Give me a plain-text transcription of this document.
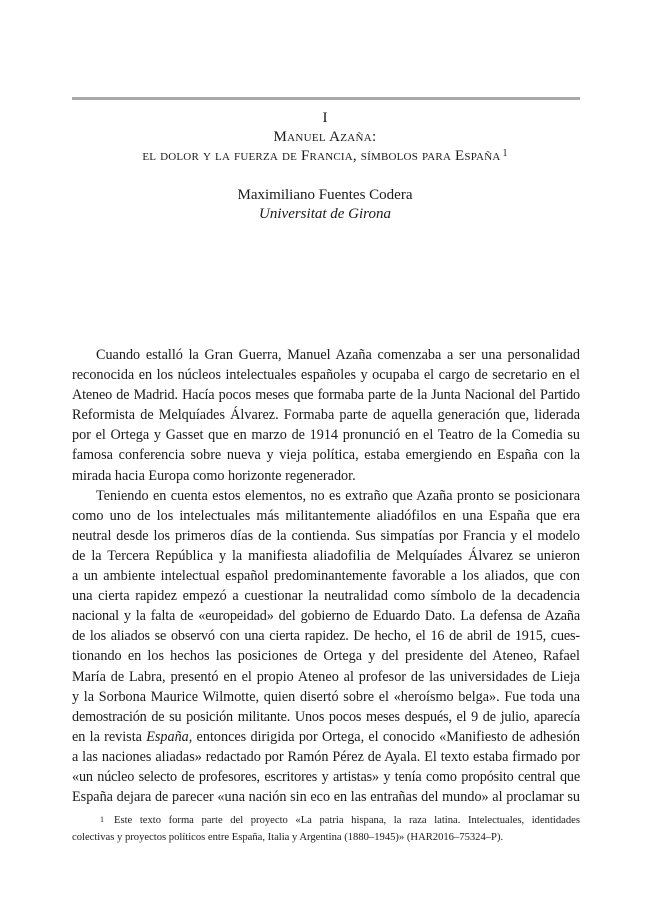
I
Manuel Azaña:
el dolor y la fuerza de Francia, símbolos para España $^1$
Maximiliano Fuentes Codera
Universitat de Girona
Cuando estalló la Gran Guerra, Manuel Azaña comenzaba a ser una personalidad
reconocida en los núcleos intelectuales españoles y ocupaba el cargo de secretario en el
Ateneo de Madrid. Hacía pocos meses que formaba parte de la Junta Nacional del Partido
Reformista de Melquíades Álvarez. Formaba parte de aquella generación que, liderada
por el Ortega y Gasset que en marzo de 1914 pronunció en el Teatro de la Comedia su
famosa conferencia sobre nueva y vieja política, estaba emergiendo en España con la
mirada hacia Europa como horizonte regenerador.
Teniendo en cuenta estos elementos, no es extraño que Azaña pronto se posicionara
como uno de los intelectuales más militantemente aliadófilos en una España que era
neutral desde los primeros días de la contienda. Sus simpatías por Francia y el modelo
de la Tercera República y la manifiesta aliadofilia de Melquíades Álvarez se unieron
a un ambiente intelectual español predominantemente favorable a los aliados, que con
una cierta rapidez empezó a cuestionar la neutralidad como símbolo de la decadencia
nacional y la falta de «europeidad» del gobierno de Eduardo Dato. La defensa de Azaña
de los aliados se observó con una cierta rapidez. De hecho, el 16 de abril de 1915, cues-
tionando en los hechos las posiciones de Ortega y del presidente del Ateneo, Rafael
María de Labra, presentó en el propio Ateneo al profesor de las universidades de Lieja
y la Sorbona Maurice Wilmotte, quien disertó sobre el «heroísmo belga». Fue toda una
demostración de su posición militante. Unos pocos meses después, el 9 de julio, aparecía
en la revista España, entonces dirigida por Ortega, el conocido «Manifiesto de adhesión
a las naciones aliadas» redactado por Ramón Pérez de Ayala. El texto estaba firmado por
«un núcleo selecto de profesores, escritores y artistas» y tenía como propósito central que
España dejara de parecer «una nación sin eco en las entrañas del mundo» al proclamar su
$^1$ Este texto forma parte del proyecto «La patria hispana, la raza latina. Intelectuales, identidades
colectivas y proyectos políticos entre España, Italia y Argentina (1880–1945)» (HAR2016–75324–P).
